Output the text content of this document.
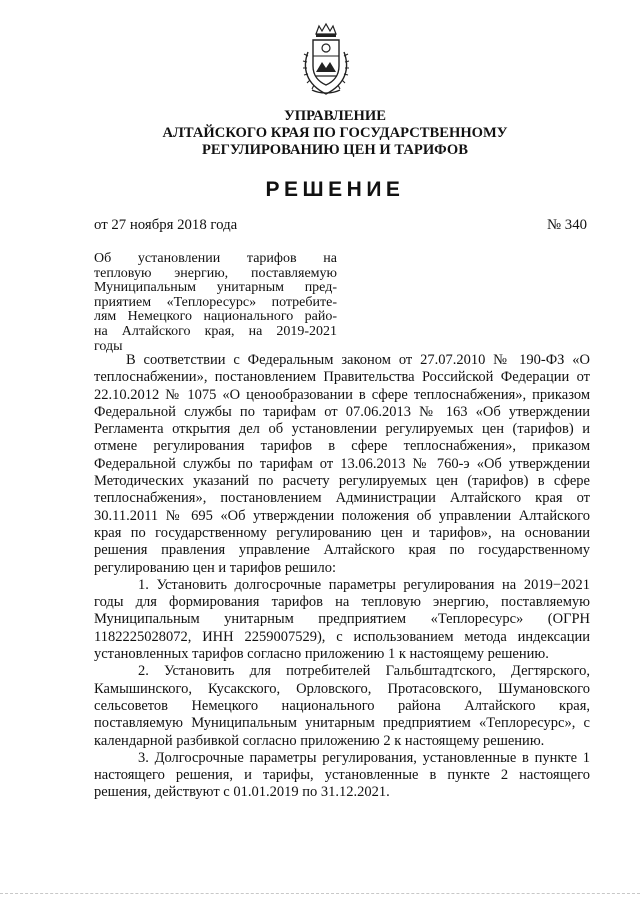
УПРАВЛЕНИЕ
АЛТАЙСКОГО КРАЯ ПО ГОСУДАРСТВЕННОМУ
РЕГУЛИРОВАНИЮ ЦЕН И ТАРИФОВ
РЕШЕНИЕ
от 27 ноября 2018 года	№ 340
Об установлении тарифов на
тепловую энергию, поставляемую
Муниципальным унитарным пред-
приятием «Теплоресурс» потребите-
лям Немецкого национального райо-
на Алтайского края, на 2019-2021
годы
В соответствии с Федеральным законом от 27.07.2010 № 190-ФЗ «О
теплоснабжении», постановлением Правительства Российской Федерации от
22.10.2012 № 1075 «О ценообразовании в сфере теплоснабжения», приказом
Федеральной службы по тарифам от 07.06.2013 № 163 «Об утверждении
Регламента открытия дел об установлении регулируемых цен (тарифов) и
отмене регулирования тарифов в сфере теплоснабжения», приказом
Федеральной службы по тарифам от 13.06.2013 № 760-э «Об утверждении
Методических указаний по расчету регулируемых цен (тарифов) в сфере
теплоснабжения», постановлением Администрации Алтайского края от
30.11.2011 № 695 «Об утверждении положения об управлении Алтайского
края по государственному регулированию цен и тарифов», на основании
решения правления управление Алтайского края по государственному
регулированию цен и тарифов решило:
1. Установить долгосрочные параметры регулирования на 2019−2021
годы для формирования тарифов на тепловую энергию, поставляемую
Муниципальным унитарным предприятием «Теплоресурс» (ОГРН
1182225028072, ИНН 2259007529), с использованием метода индексации
установленных тарифов согласно приложению 1 к настоящему решению.
2. Установить для потребителей Гальбштадтского, Дегтярского,
Камышинского, Кусакского, Орловского, Протасовского, Шумановского
сельсоветов Немецкого национального района Алтайского края,
поставляемую Муниципальным унитарным предприятием «Теплоресурс», с
календарной разбивкой согласно приложению 2 к настоящему решению.
3. Долгосрочные параметры регулирования, установленные в пункте 1
настоящего решения, и тарифы, установленные в пункте 2 настоящего
решения, действуют с 01.01.2019 по 31.12.2021.
